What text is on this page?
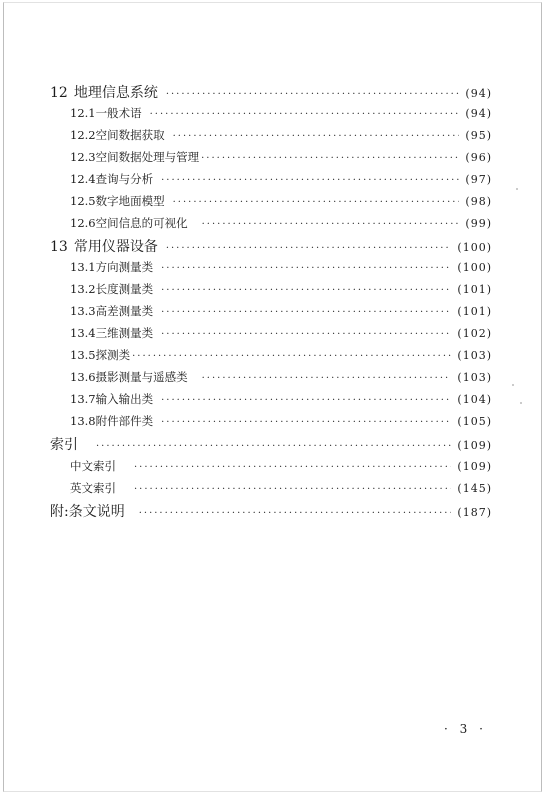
12 地理信息系统 ·····	(94)
12.1 一般术语 ·····	(94)
12.2 空间数据获取 ·····	(95)
12.3 空间数据处理与管理 ·····	(96)
12.4 查询与分析 ·····	(97)
12.5 数字地面模型 ·····	(98)
12.6 空间信息的可视化 ·····	(99)
13 常用仪器设备 ·····	(100)
13.1 方向测量类 ·····	(100)
13.2 长度测量类 ·····	(101)
13.3 高差测量类 ·····	(101)
13.4 三维测量类 ·····	(102)
13.5 探测类 ·····	(103)
13.6 摄影测量与遥感类 ·····	(103)
13.7 输入输出类 ·····	(104)
13.8 附件部件类 ·····	(105)
索引 ·····	(109)
中文索引 ·····	(109)
英文索引 ·····	(145)
附:条文说明 ·····	(187)
· 3 ·
